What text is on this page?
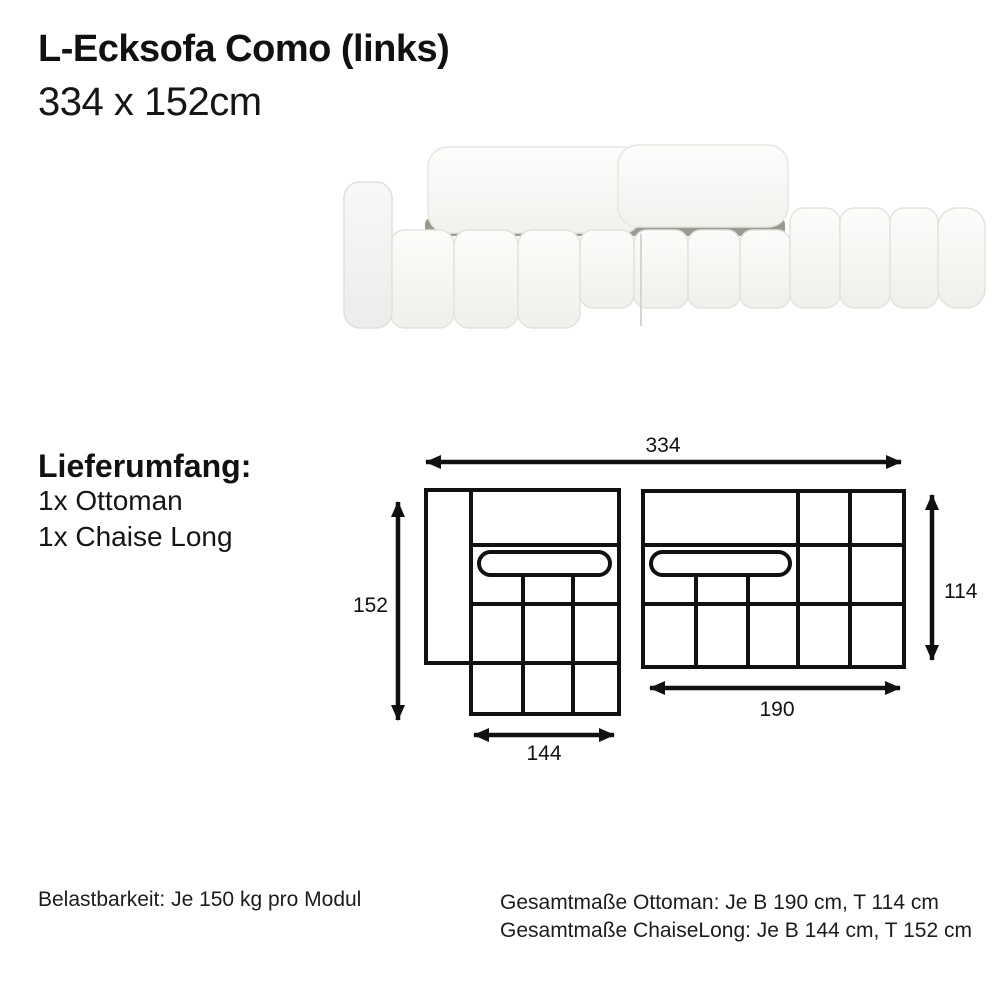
L-Ecksofa Como (links)
334 x 152cm
Lieferumfang:
1x Ottoman
1x Chaise Long
334
152
144
190
114
Belastbarkeit: Je 150 kg pro Modul	Gesamtmaße Ottoman: Je B 190 cm, T 114 cm
Gesamtmaße ChaiseLong: Je B 144 cm, T 152 cm
